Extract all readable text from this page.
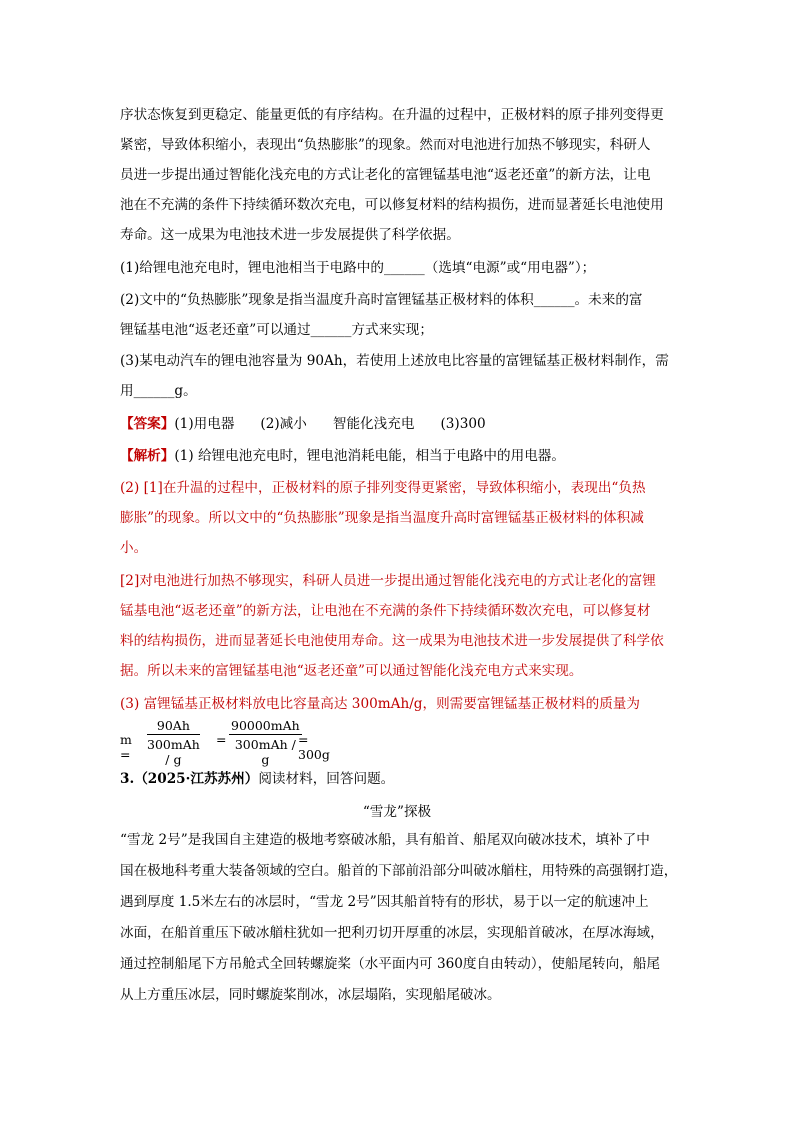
序状态恢复到更稳定、能量更低的有序结构。在升温的过程中，正极材料的原子排列变得更
紧密，导致体积缩小，表现出“负热膨胀”的现象。然而对电池进行加热不够现实，科研人
员进一步提出通过智能化浅充电的方式让老化的富锂锰基电池“返老还童”的新方法，让电
池在不充满的条件下持续循环数次充电，可以修复材料的结构损伤，进而显著延长电池使用
寿命。这一成果为电池技术进一步发展提供了科学依据。
(1)给锂电池充电时，锂电池相当于电路中的______（选填“电源”或“用电器”）；
(2)文中的“负热膨胀”现象是指当温度升高时富锂锰基正极材料的体积______。未来的富
锂锰基电池“返老还童”可以通过______方式来实现；
(3)某电动汽车的锂电池容量为 90Ah，若使用上述放电比容量的富锂锰基正极材料制作，需
用______g。
【答案】(1)用电器 (2)减小 智能化浅充电 (3)300
【解析】(1) 给锂电池充电时，锂电池消耗电能，相当于电路中的用电器。
(2) [1]在升温的过程中，正极材料的原子排列变得更紧密，导致体积缩小，表现出“负热
膨胀”的现象。所以文中的“负热膨胀”现象是指当温度升高时富锂锰基正极材料的体积减
小。
[2]对电池进行加热不够现实，科研人员进一步提出通过智能化浅充电的方式让老化的富锂
锰基电池“返老还童”的新方法，让电池在不充满的条件下持续循环数次充电，可以修复材
料的结构损伤，进而显著延长电池使用寿命。这一成果为电池技术进一步发展提供了科学依
据。所以未来的富锂锰基电池“返老还童”可以通过智能化浅充电方式来实现。
(3) 富锂锰基正极材料放电比容量高达 300mAh/g，则需要富锂锰基正极材料的质量为
m =
90Ah
300mAh / g
=
90000mAh
300mAh / g
= 300g
3.（2025·江苏苏州）阅读材料，回答问题。
“雪龙”探极
“雪龙 2号”是我国自主建造的极地考察破冰船，具有船首、船尾双向破冰技术，填补了中
国在极地科考重大装备领域的空白。船首的下部前沿部分叫破冰艏柱，用特殊的高强钢打造，
遇到厚度 1.5米左右的冰层时，“雪龙 2号”因其船首特有的形状，易于以一定的航速冲上
冰面，在船首重压下破冰艏柱犹如一把利刃切开厚重的冰层，实现船首破冰，在厚冰海域，
通过控制船尾下方吊舱式全回转螺旋桨（水平面内可 360度自由转动），使船尾转向，船尾
从上方重压冰层，同时螺旋桨削冰，冰层塌陷，实现船尾破冰。
